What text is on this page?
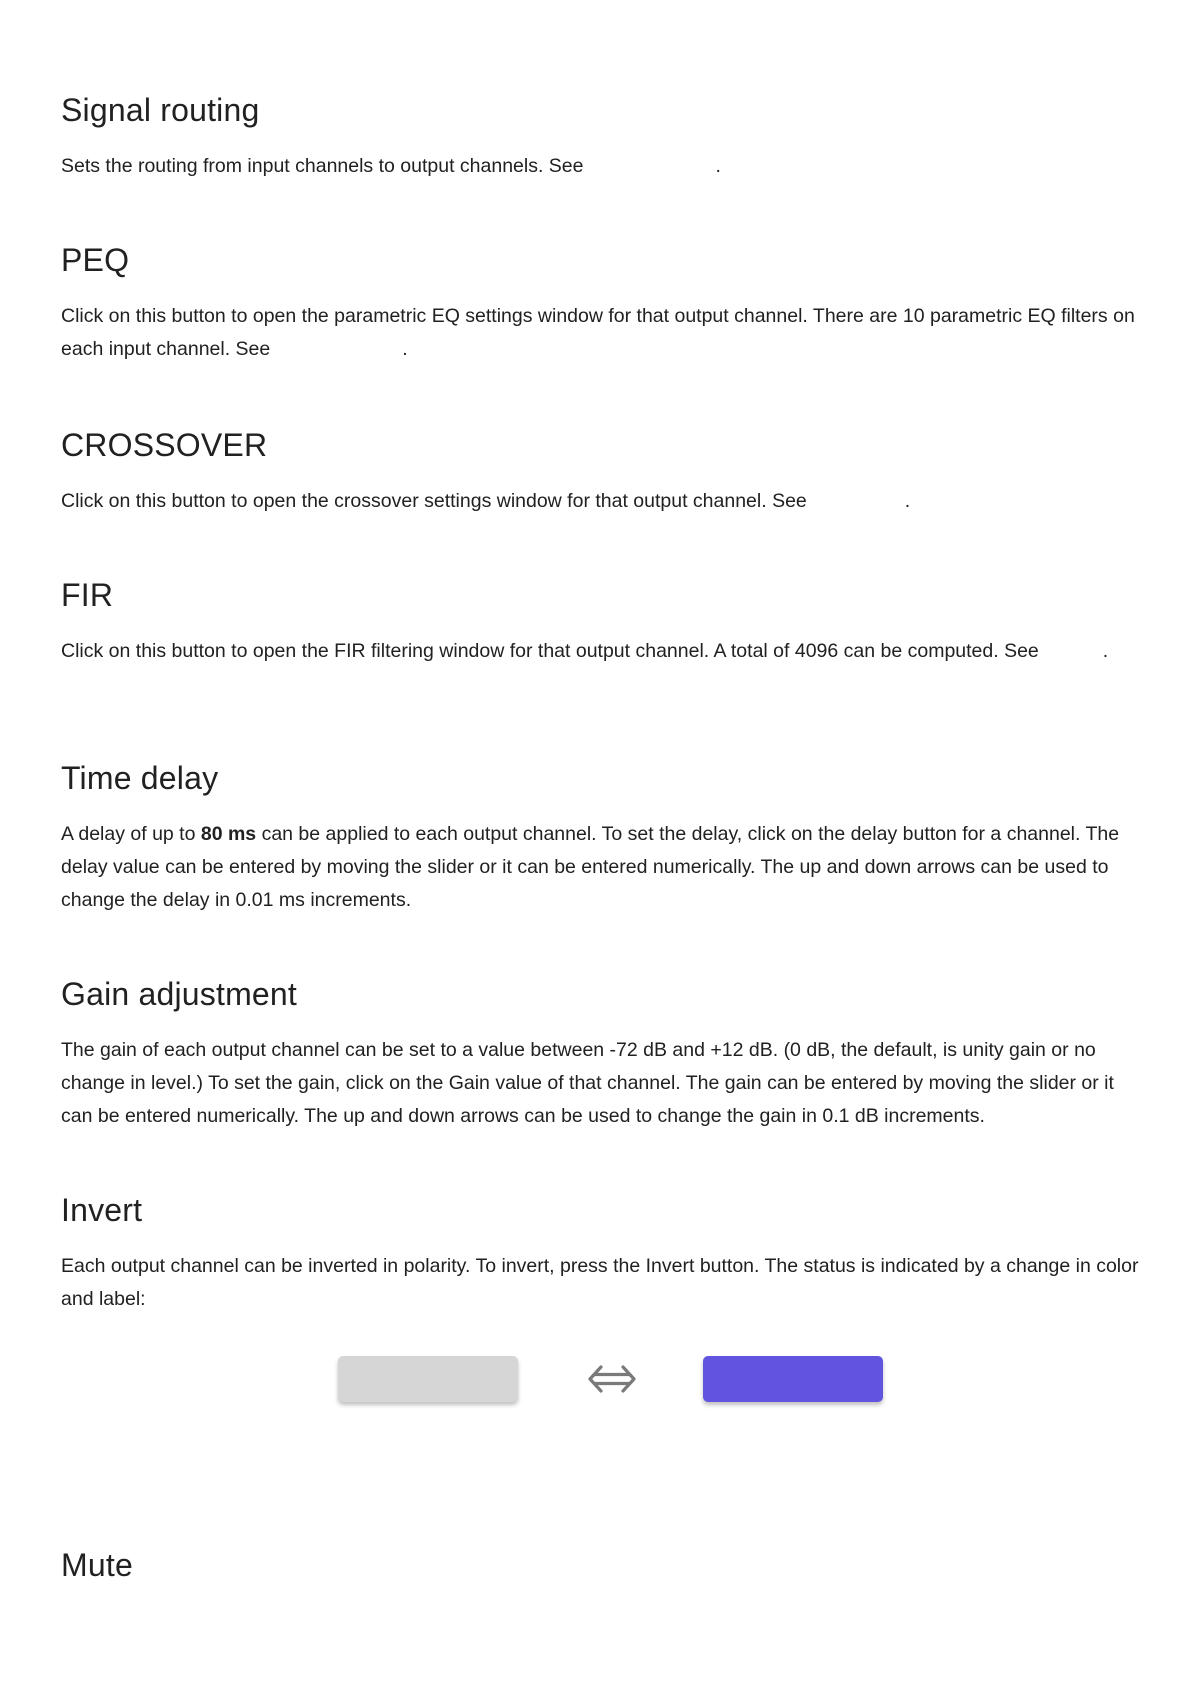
Signal routing

Sets the routing from input channels to output channels. See	.

PEQ

Click on this button to open the parametric EQ settings window for that output channel. There are 10 parametric EQ filters on each input channel. See	.

CROSSOVER

Click on this button to open the crossover settings window for that output channel. See	.

FIR

Click on this button to open the FIR filtering window for that output channel. A total of 4096 can be computed. See	.

Time delay

A delay of up to 80 ms can be applied to each output channel. To set the delay, click on the delay button for a channel. The delay value can be entered by moving the slider or it can be entered numerically. The up and down arrows can be used to change the delay in 0.01 ms increments.

Gain adjustment

The gain of each output channel can be set to a value between -72 dB and +12 dB. (0 dB, the default, is unity gain or no change in level.) To set the gain, click on the Gain value of that channel. The gain can be entered by moving the slider or it can be entered numerically. The up and down arrows can be used to change the gain in 0.1 dB increments.

Invert

Each output channel can be inverted in polarity. To invert, press the Invert button. The status is indicated by a change in color and label:

Mute
